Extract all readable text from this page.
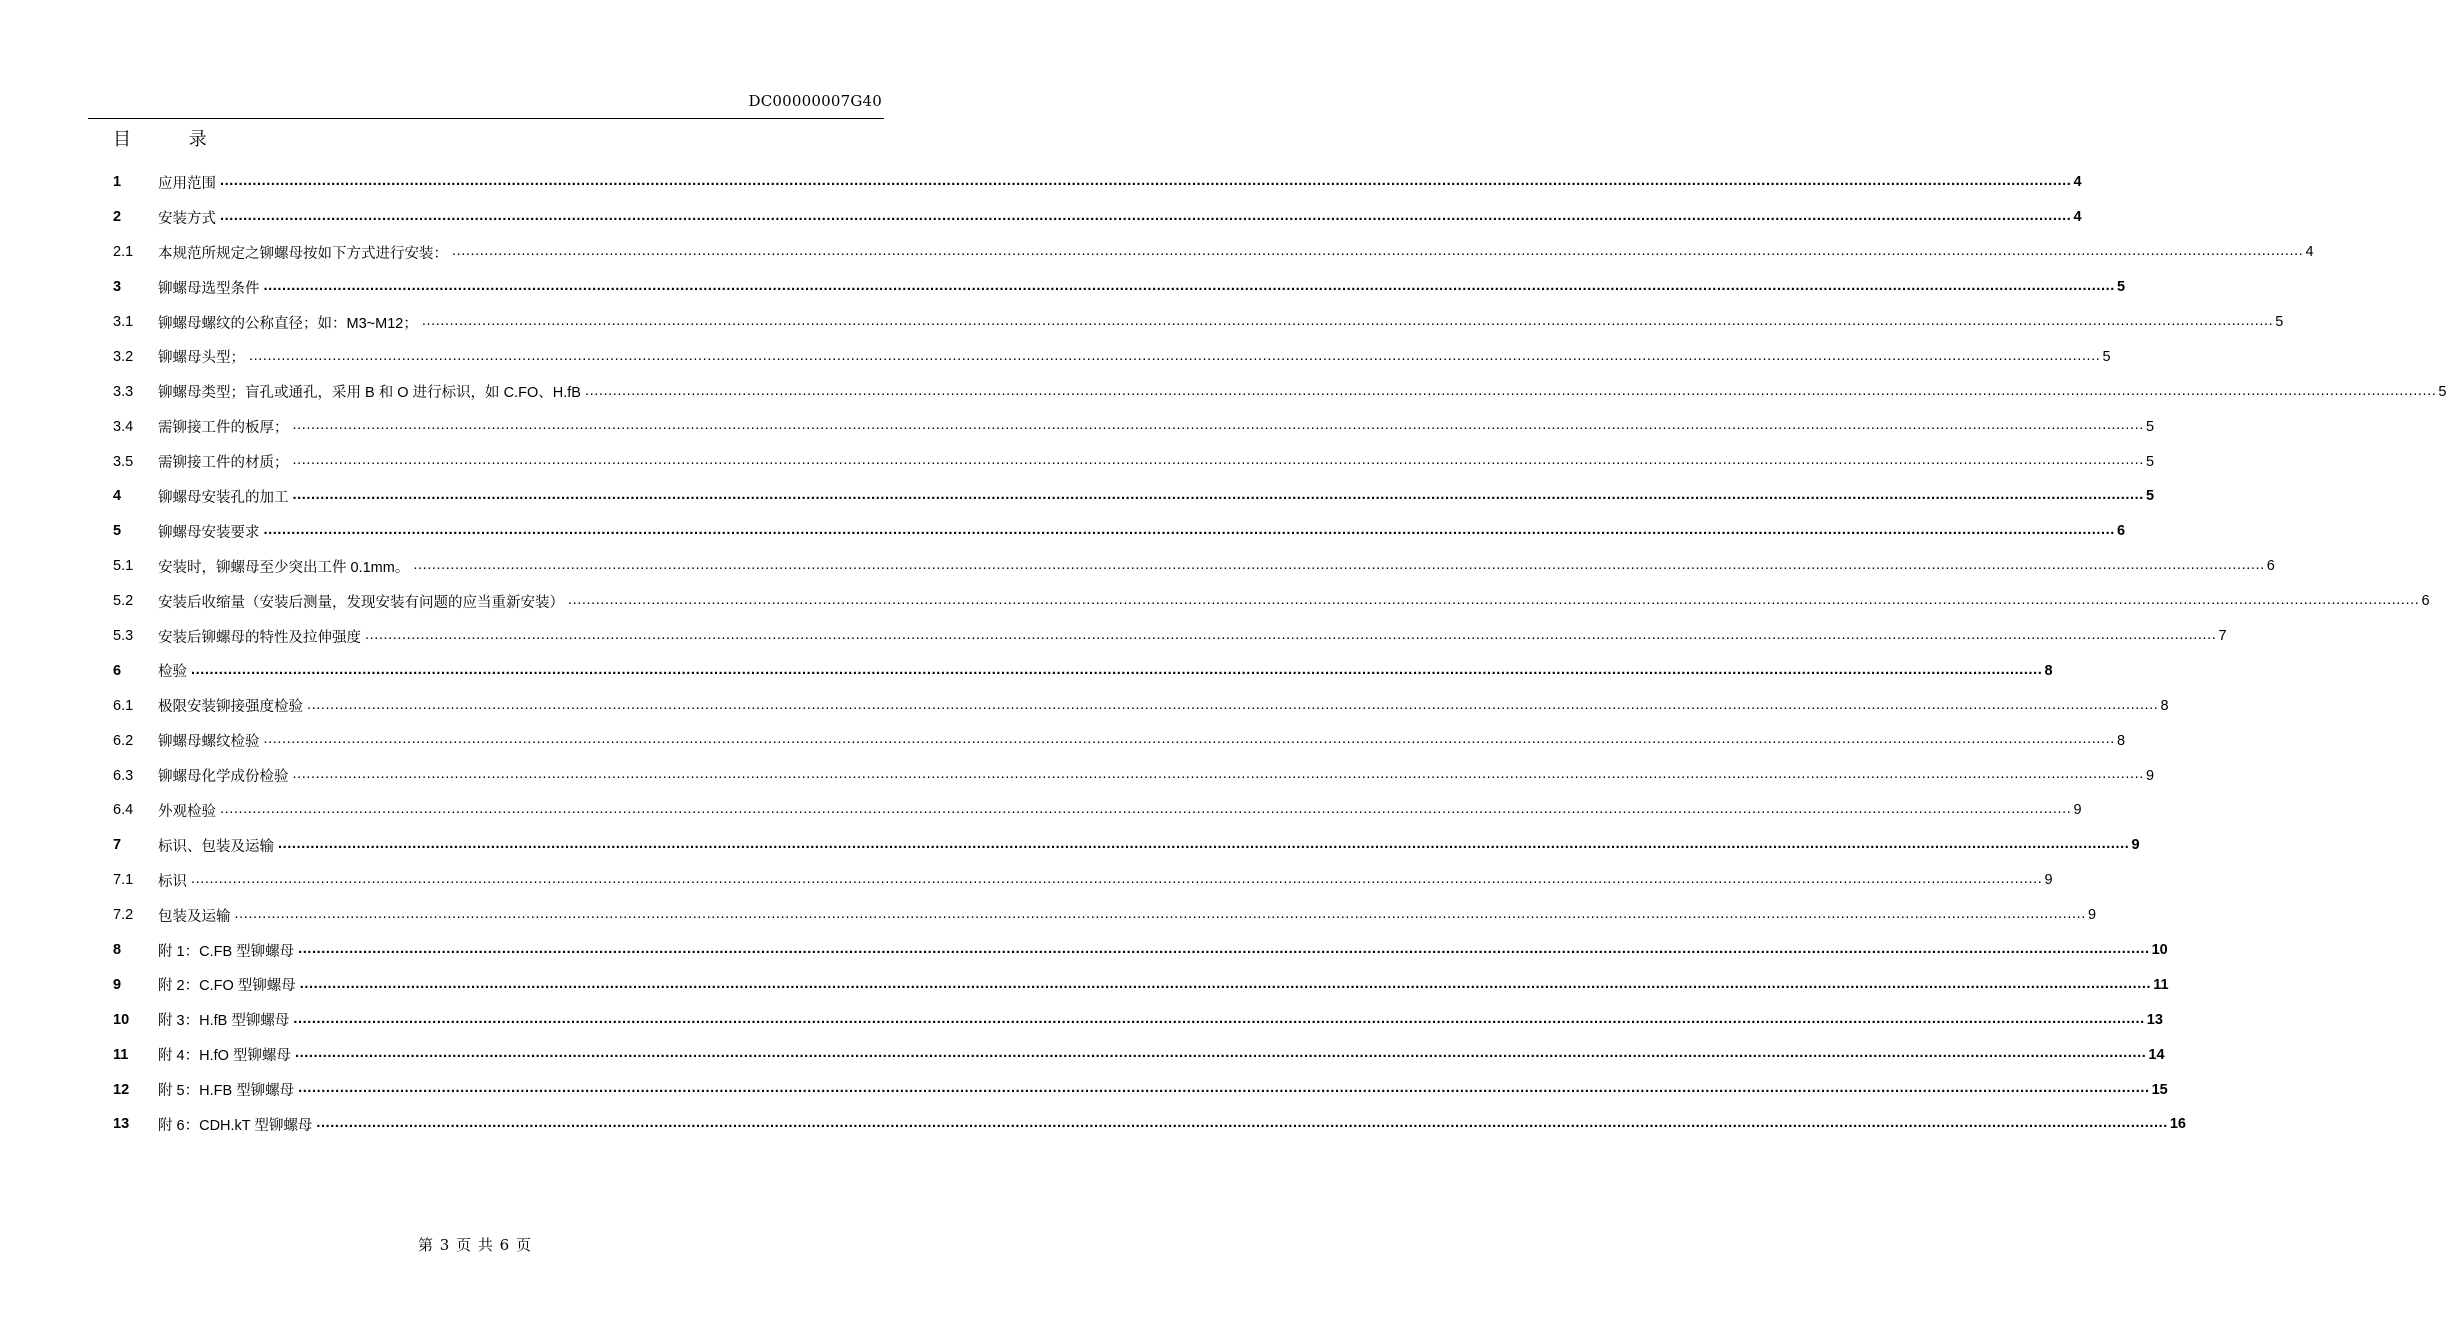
DC00000007G40
目 录
1	应用范围 ................................................................................................................................................................................................................................................................................................................................................................................................................ 4
2	安装方式 ................................................................................................................................................................................................................................................................................................................................................................................................................ 4
2.1	本规范所规定之铆螺母按如下方式进行安装： ................................................................................................................................................................................................................................................................................................................................................................................................................ 4
3	铆螺母选型条件 ................................................................................................................................................................................................................................................................................................................................................................................................................ 5
3.1	铆螺母螺纹的公称直径；如：M3~M12； ................................................................................................................................................................................................................................................................................................................................................................................................................ 5
3.2	铆螺母头型； ................................................................................................................................................................................................................................................................................................................................................................................................................ 5
3.3	铆螺母类型；盲孔或通孔，采用 B 和 O 进行标识，如 C.FO、H.fB ................................................................................................................................................................................................................................................................................................................................................................................................................ 5
3.4	需铆接工件的板厚； ................................................................................................................................................................................................................................................................................................................................................................................................................ 5
3.5	需铆接工件的材质； ................................................................................................................................................................................................................................................................................................................................................................................................................ 5
4	铆螺母安装孔的加工 ................................................................................................................................................................................................................................................................................................................................................................................................................ 5
5	铆螺母安装要求 ................................................................................................................................................................................................................................................................................................................................................................................................................ 6
5.1	安装时，铆螺母至少突出工件 0.1mm。 ................................................................................................................................................................................................................................................................................................................................................................................................................ 6
5.2	安装后收缩量（安装后测量，发现安装有问题的应当重新安装） ................................................................................................................................................................................................................................................................................................................................................................................................................ 6
5.3	安装后铆螺母的特性及拉伸强度 ................................................................................................................................................................................................................................................................................................................................................................................................................ 7
6	检验 ................................................................................................................................................................................................................................................................................................................................................................................................................ 8
6.1	极限安装铆接强度检验 ................................................................................................................................................................................................................................................................................................................................................................................................................ 8
6.2	铆螺母螺纹检验 ................................................................................................................................................................................................................................................................................................................................................................................................................ 8
6.3	铆螺母化学成份检验 ................................................................................................................................................................................................................................................................................................................................................................................................................ 9
6.4	外观检验 ................................................................................................................................................................................................................................................................................................................................................................................................................ 9
7	标识、包装及运输 ................................................................................................................................................................................................................................................................................................................................................................................................................ 9
7.1	标识 ................................................................................................................................................................................................................................................................................................................................................................................................................ 9
7.2	包装及运输 ................................................................................................................................................................................................................................................................................................................................................................................................................ 9
8	附 1：C.FB 型铆螺母 ................................................................................................................................................................................................................................................................................................................................................................................................................ 10
9	附 2：C.FO 型铆螺母 ................................................................................................................................................................................................................................................................................................................................................................................................................ 11
10	附 3：H.fB 型铆螺母 ................................................................................................................................................................................................................................................................................................................................................................................................................ 13
11	附 4：H.fO 型铆螺母 ................................................................................................................................................................................................................................................................................................................................................................................................................ 14
12	附 5：H.FB 型铆螺母 ................................................................................................................................................................................................................................................................................................................................................................................................................ 15
13	附 6：CDH.kT 型铆螺母 ................................................................................................................................................................................................................................................................................................................................................................................................................ 16
第 3 页 共 6 页
